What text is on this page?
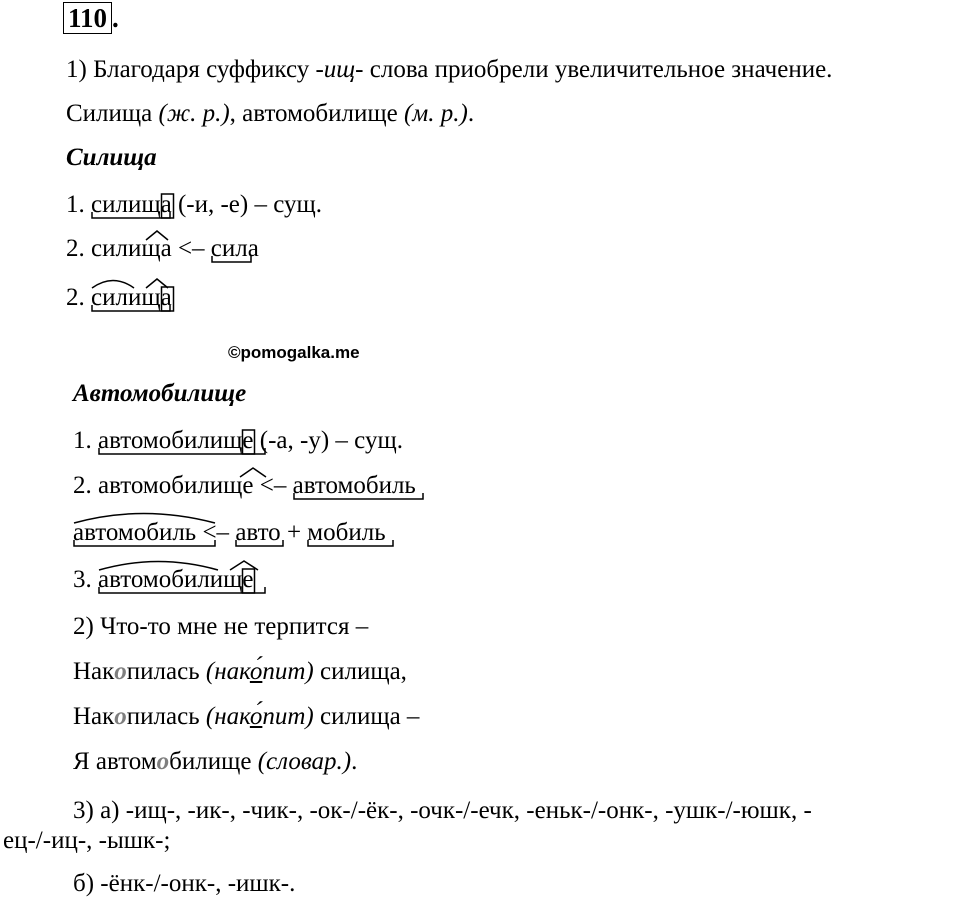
110 .
1) Благодаря суффиксу -ищ- слова приобрели увеличительное значение.
Силища (ж. р.), автомобилище (м. р.).
Силища
1. силищ
а
(-и, -е) – сущ.
2. силища
<– сила
2. силищ
а
©pomogalka.me
Автомобилище
1. автомобилищ
е
(-а, -у) – сущ.
2. автомобилище
<– автомобиль
автомобиль
<– авто
+ мобиль
3. автомобилищ
е
2) Что-то мне не терпится –
Накопилась (нако́пит) силища,
Накопилась (нако́пит) силища –
Я автомобилище (словар.).
3) а) -ищ-, -ик-, -чик-, -ок-/-ёк-, -очк-/-ечк, -еньк-/-онк-, -ушк-/-юшк, -
ец-/-иц-, -ышк-;
б) -ёнк-/-онк-, -ишк-.
